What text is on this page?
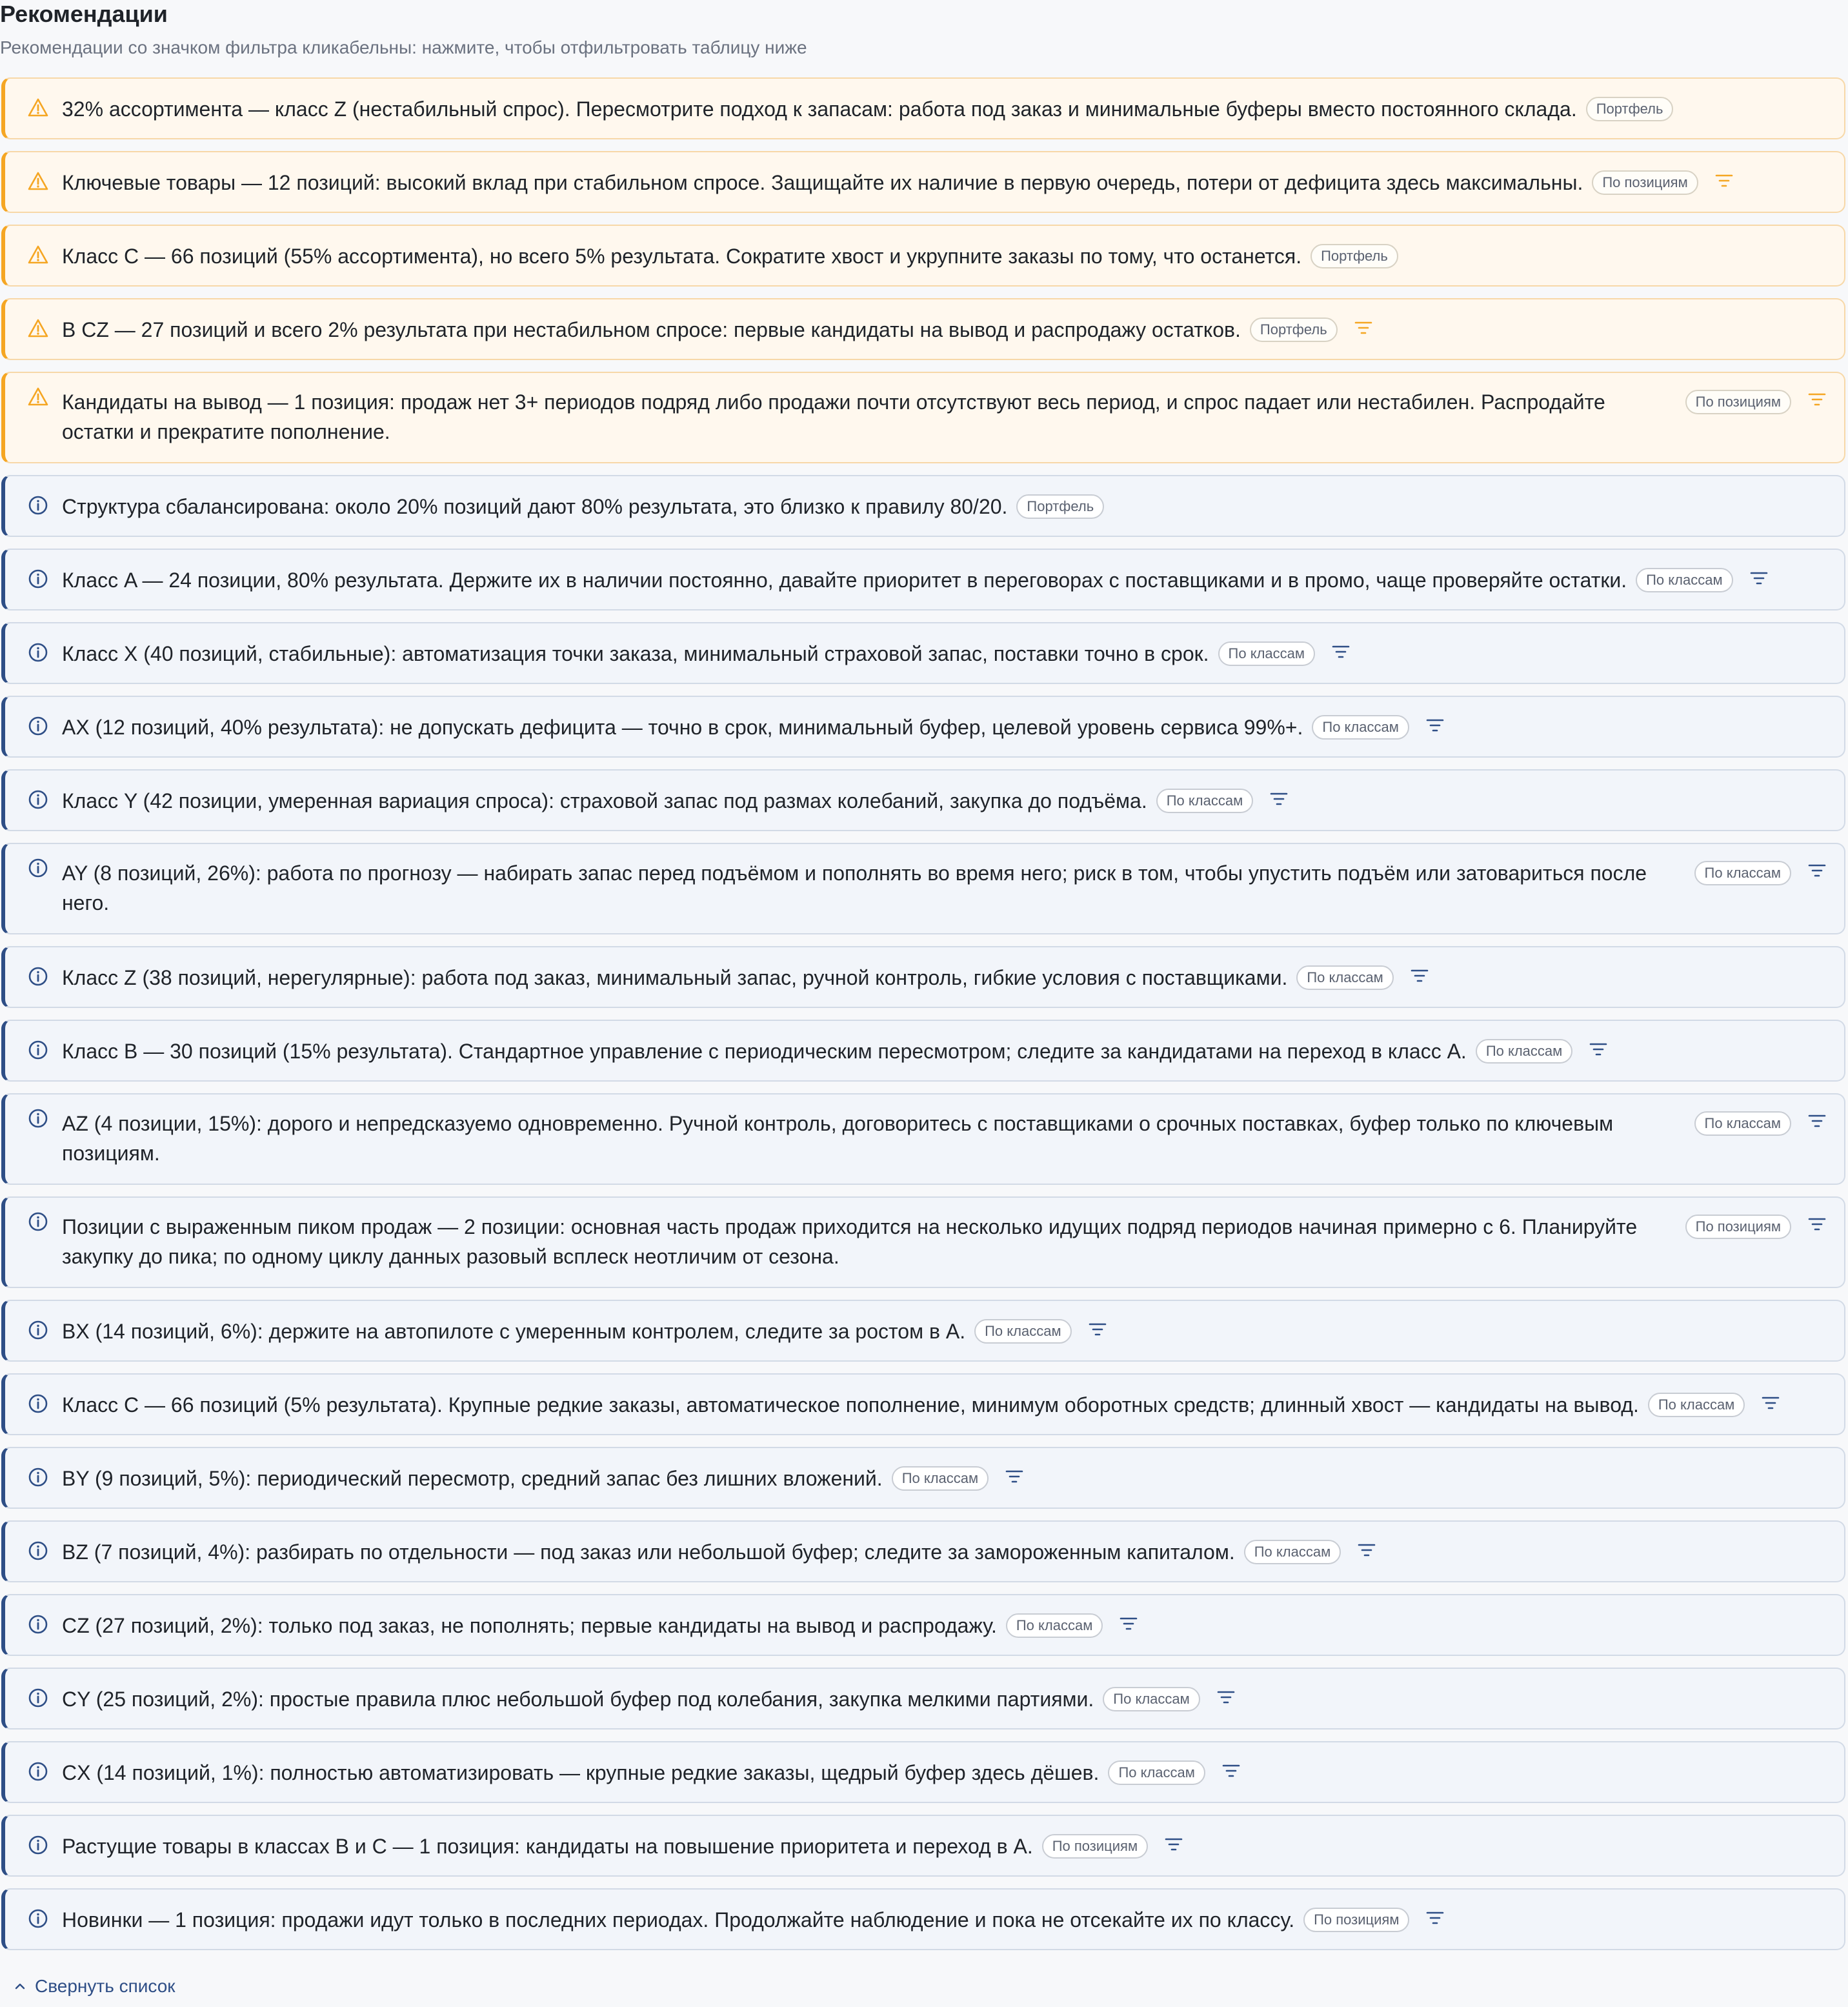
Рекомендации

Рекомендации со значком фильтра кликабельны: нажмите, чтобы отфильтровать таблицу ниже

32% ассортимента — класс Z (нестабильный спрос). Пересмотрите подход к запасам: работа под заказ и минимальные буферы вместо постоянного склада. Портфель
Ключевые товары — 12 позиций: высокий вклад при стабильном спросе. Защищайте их наличие в первую очередь, потери от дефицита здесь максимальны. По позициям
Класс C — 66 позиций (55% ассортимента), но всего 5% результата. Сократите хвост и укрупните заказы по тому, что останется. Портфель
В CZ — 27 позиций и всего 2% результата при нестабильном спросе: первые кандидаты на вывод и распродажу остатков. Портфель
По позициям
Кандидаты на вывод — 1 позиция: продаж нет 3+ периодов подряд либо продажи почти отсутствуют весь период, и спрос падает или нестабилен. Распродайте остатки и прекратите пополнение.
Структура сбалансирована: около 20% позиций дают 80% результата, это близко к правилу 80/20. Портфель
Класс A — 24 позиции, 80% результата. Держите их в наличии постоянно, давайте приоритет в переговорах с поставщиками и в промо, чаще проверяйте остатки. По классам
Класс X (40 позиций, стабильные): автоматизация точки заказа, минимальный страховой запас, поставки точно в срок. По классам
AX (12 позиций, 40% результата): не допускать дефицита — точно в срок, минимальный буфер, целевой уровень сервиса 99%+. По классам
Класс Y (42 позиции, умеренная вариация спроса): страховой запас под размах колебаний, закупка до подъёма. По классам
По классам
AY (8 позиций, 26%): работа по прогнозу — набирать запас перед подъёмом и пополнять во время него; риск в том, чтобы упустить подъём или затовариться после него.
Класс Z (38 позиций, нерегулярные): работа под заказ, минимальный запас, ручной контроль, гибкие условия с поставщиками. По классам
Класс B — 30 позиций (15% результата). Стандартное управление с периодическим пересмотром; следите за кандидатами на переход в класс A. По классам
По классам
AZ (4 позиции, 15%): дорого и непредсказуемо одновременно. Ручной контроль, договоритесь с поставщиками о срочных поставках, буфер только по ключевым позициям.
По позициям
Позиции с выраженным пиком продаж — 2 позиции: основная часть продаж приходится на несколько идущих подряд периодов начиная примерно с 6. Планируйте закупку до пика; по одному циклу данных разовый всплеск неотличим от сезона.
BX (14 позиций, 6%): держите на автопилоте с умеренным контролем, следите за ростом в A. По классам
Класс C — 66 позиций (5% результата). Крупные редкие заказы, автоматическое пополнение, минимум оборотных средств; длинный хвост — кандидаты на вывод. По классам
BY (9 позиций, 5%): периодический пересмотр, средний запас без лишних вложений. По классам
BZ (7 позиций, 4%): разбирать по отдельности — под заказ или небольшой буфер; следите за замороженным капиталом. По классам
CZ (27 позиций, 2%): только под заказ, не пополнять; первые кандидаты на вывод и распродажу. По классам
CY (25 позиций, 2%): простые правила плюс небольшой буфер под колебания, закупка мелкими партиями. По классам
CX (14 позиций, 1%): полностью автоматизировать — крупные редкие заказы, щедрый буфер здесь дёшев. По классам
Растущие товары в классах B и C — 1 позиция: кандидаты на повышение приоритета и переход в A. По позициям
Новинки — 1 позиция: продажи идут только в последних периодах. Продолжайте наблюдение и пока не отсекайте их по классу. По позициям
Свернуть список
